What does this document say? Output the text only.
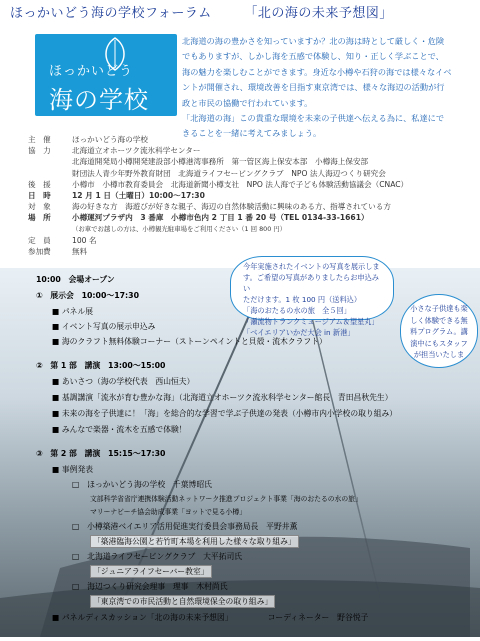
ほっかいどう海の学校フォーラム	「北の海の未来予想図」
ほっかいどう
海の学校

北海道の海の豊かさを知っていますか？北の海は時として厳しく・危険

でもありますが、しかし海を五感で体験し、知り・正しく学ぶことで、

海の魅力を楽しむことができます。身近な小樽や石狩の海では様々なイベ

ントが開催され、環境改善を目指す東京湾では、様々な海辺の活動が行

政と市民の協働で行われています。

「北海道の海」この貴重な環境を未来の子供達へ伝える為に、私達にで

きることを一緒に考えてみましょう。

主　催	ほっかいどう海の学校
協　力	北海道立オホーツク流氷科学センター
北海道開発局小樽開発建設部小樽港湾事務所　第一管区海上保安本部　小樽海上保安部
財団法人青少年野外教育財団　北海道ライフセービングクラブ　NPO 法人海辺つくり研究会
後　援	小樽市　小樽市教育委員会　北海道新聞小樽支社　NPO 法人海で子ども体験活動協議会（CNAC）
日　時	12 月 1 日（土曜日）10:00〜17:30
対　象	海の好きな方　海遊びが好きな親子、海辺の自然体験活動に興味のある方、指導されている方
場　所	小樽運河プラザ内　3 番庫　小樽市色内 2 丁目 1 番 20 号（TEL 0134-33-1661）
（お車でお越しの方は、小樽観光駐車場をご利用ください（1 回 800 円）
定　員	100 名
参加費	無料
今年実施されたイベントの写真を展示しま
す。ご希望の写真がありましたらお申込みい
ただけます。1 枚 100 円（送料込）
「海のおたるの水の旅　全５回」
「瀬流物トランクミュージアム＆望星丸」
「ベイエリアいかだ大会 in 新港」
小さな子供達も楽
しく体験できる無
料プログラム。講
演中にもスタッフ
が担当いたしま
10:00　会場オープン
①　展示会　10:00〜17:30
■ パネル展
■ イベント写真の展示申込み
■ 海のクラフト無料体験コーナー（ストーンペイントと貝殻・流木クラフト）
②　第 1 部　講演　13:00〜15:00
■ あいさつ（海の学校代表　西山恒夫）
■ 基調講演「流氷が育む豊かな海」（北海道立オホーツク流氷科学センター館長　青田昌秋先生）
■ 未来の海を子供達に！「海」を総合的な学習で学ぶ子供達の発表（小樽市内小学校の取り組み）
■ みんなで楽器・流木を五感で体験！
③　第 2 部　講演　15:15〜17:30
■ 事例発表
□　ほっかいどう海の学校　千葉博昭氏
文部科学省省庁連携体験活動ネットワーク推進プロジェクト事業「海のおたるの水の旅」
マリーナビーチ協会助成事業「ヨットで見る小樽」
□　小樽築港ベイエリア活用促進実行委員会事務局長　平野井薫
「築港臨海公園と若竹町本場を利用した様々な取り組み」
□　北海道ライフセービングクラブ　大平拓司氏
「ジュニアライフセーバー教室」
□　海辺つくり研究会理事　理事　木村尚氏
「東京湾での市民活動と自然環境保全の取り組み」
■ パネルディスカッション「北の海の未来予想図」　　　　　コーディネーター　野谷悦子
